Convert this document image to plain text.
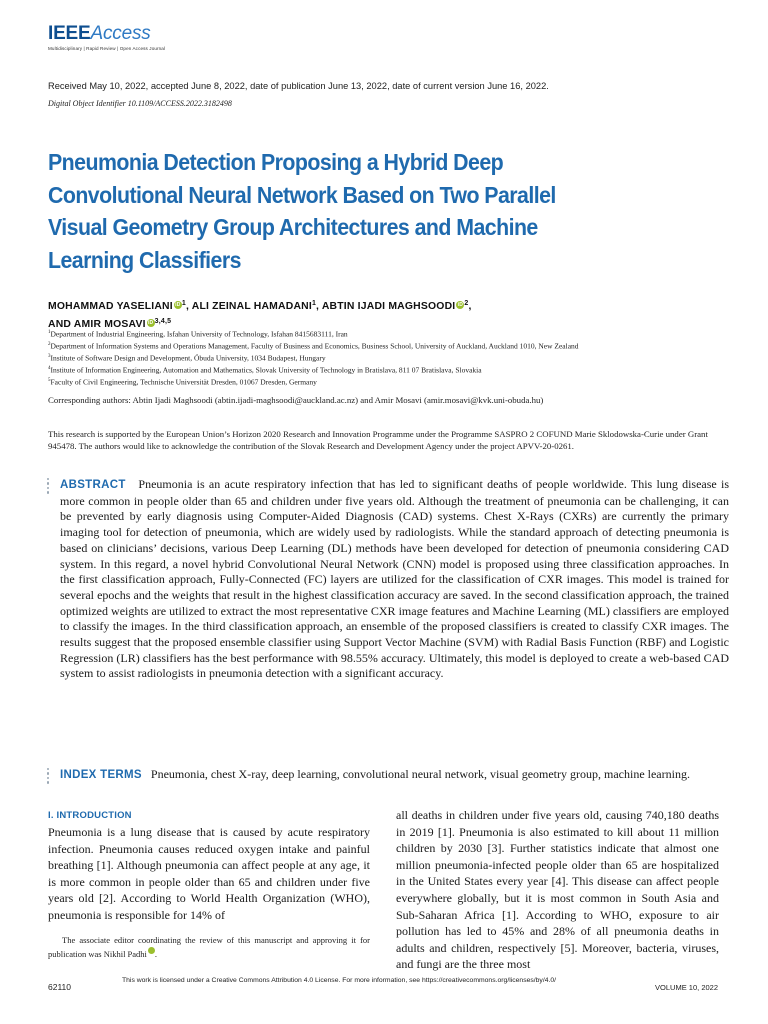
IEEEAccess
Multidisciplinary | Rapid Review | Open Access Journal
Received May 10, 2022, accepted June 8, 2022, date of publication June 13, 2022, date of current version June 16, 2022.
Digital Object Identifier 10.1109/ACCESS.2022.3182498
Pneumonia Detection Proposing a Hybrid Deep Convolutional Neural Network Based on Two Parallel Visual Geometry Group Architectures and Machine Learning Classifiers
MOHAMMAD YASELIANI $iD^1$, ALI ZEINAL HAMADANI$^1$, ABTIN IJADI MAGHSOODI $iD^2$,
AND AMIR MOSAVI iD$^{3,4,5}$
$^1$Department of Industrial Engineering, Isfahan University of Technology, Isfahan 8415683111, Iran
$^2$Department of Information Systems and Operations Management, Faculty of Business and Economics, Business School, University of Auckland, Auckland 1010, New Zealand
$^3$Institute of Software Design and Development, Óbuda University, 1034 Budapest, Hungary
$^4$Institute of Information Engineering, Automation and Mathematics, Slovak University of Technology in Bratislava, 811 07 Bratislava, Slovakia
$^5$Faculty of Civil Engineering, Technische Universität Dresden, 01067 Dresden, Germany
Corresponding authors: Abtin Ijadi Maghsoodi (abtin.ijadi-maghsoodi@auckland.ac.nz) and Amir Mosavi (amir.mosavi@kvk.uni-obuda.hu)
This research is supported by the European Union’s Horizon 2020 Research and Innovation Programme under the Programme SASPRO 2 COFUND Marie Sklodowska-Curie under Grant 945478. The authors would like to acknowledge the contribution of the Slovak Research and Development Agency under the project APVV-20-0261.
ABSTRACT Pneumonia is an acute respiratory infection that has led to significant deaths of people worldwide. This lung disease is more common in people older than 65 and children under five years old. Although the treatment of pneumonia can be challenging, it can be prevented by early diagnosis using Computer-Aided Diagnosis (CAD) systems. Chest X-Rays (CXRs) are currently the primary imaging tool for detection of pneumonia, which are widely used by radiologists. While the standard approach of detecting pneumonia is based on clinicians’ decisions, various Deep Learning (DL) methods have been developed for detection of pneumonia considering CAD system. In this regard, a novel hybrid Convolutional Neural Network (CNN) model is proposed using three classification approaches. In the first classification approach, Fully-Connected (FC) layers are utilized for the classification of CXR images. This model is trained for several epochs and the weights that result in the highest classification accuracy are saved. In the second classification approach, the trained optimized weights are utilized to extract the most representative CXR image features and Machine Learning (ML) classifiers are employed to classify the images. In the third classification approach, an ensemble of the proposed classifiers is created to classify CXR images. The results suggest that the proposed ensemble classifier using Support Vector Machine (SVM) with Radial Basis Function (RBF) and Logistic Regression (LR) classifiers has the best performance with 98.55% accuracy. Ultimately, this model is deployed to create a web-based CAD system to assist radiologists in pneumonia detection with a significant accuracy.
INDEX TERMS Pneumonia, chest X-ray, deep learning, convolutional neural network, visual geometry group, machine learning.
I. INTRODUCTION
Pneumonia is a lung disease that is caused by acute respiratory infection. Pneumonia causes reduced oxygen intake and painful breathing [1]. Although pneumonia can affect people at any age, it is more common in people older than 65 and children under five years old [2]. According to World Health Organization (WHO), pneumonia is responsible for 14% of
all deaths in children under five years old, causing 740,180 deaths in 2019 [1]. Pneumonia is also estimated to kill about 11 million children by 2030 [3]. Further statistics indicate that almost one million pneumonia-infected people older than 65 are hospitalized in the United States every year [4]. This disease can affect people everywhere globally, but it is most common in South Asia and Sub-Saharan Africa [1]. According to WHO, exposure to air pollution has led to 45% and 28% of all pneumonia deaths in adults and children, respectively [5]. Moreover, bacteria, viruses, and fungi are the three most
The associate editor coordinating the review of this manuscript and approving it for publication was Nikhil Padhi .
62110
This work is licensed under a Creative Commons Attribution 4.0 License. For more information, see https://creativecommons.org/licenses/by/4.0/
VOLUME 10, 2022
